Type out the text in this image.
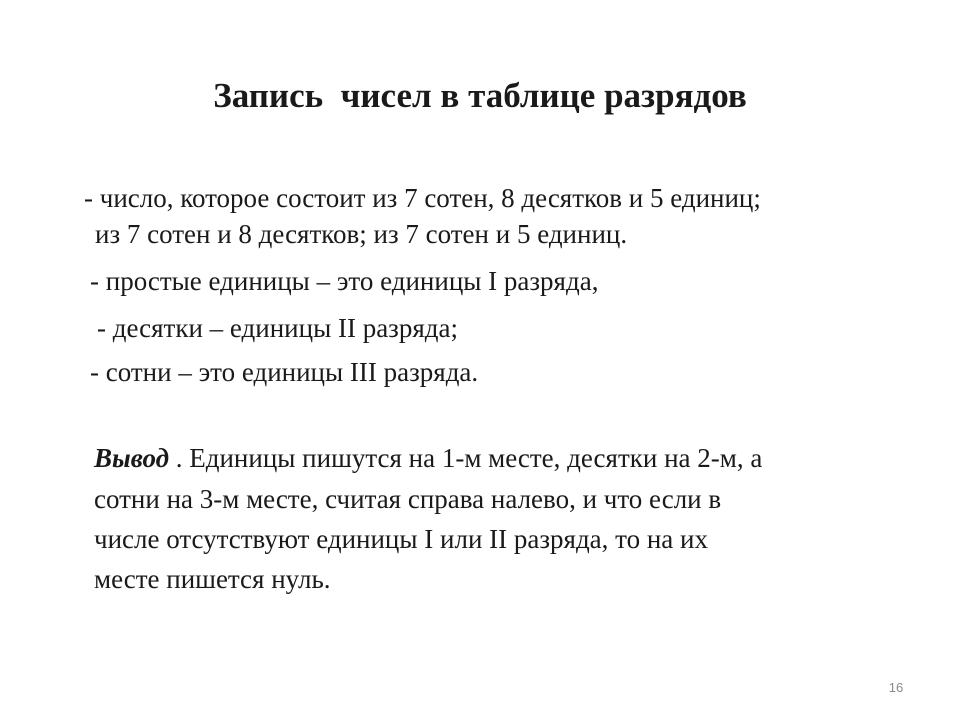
Запись  чисел в таблице разрядов
- число, которое состоит из 7 сотен, 8 десятков и 5 единиц;
из 7 сотен и 8 десятков; из 7 сотен и 5 единиц.
- простые единицы – это единицы I разряда,
- десятки – единицы II разряда;
- сотни – это единицы III разряда.
Вывод . Единицы пишутся на 1-м месте, десятки на 2-м, а
сотни на 3-м месте, считая справа налево, и что если в
числе отсутствуют единицы I или II разряда, то на их
месте пишется нуль.
16
